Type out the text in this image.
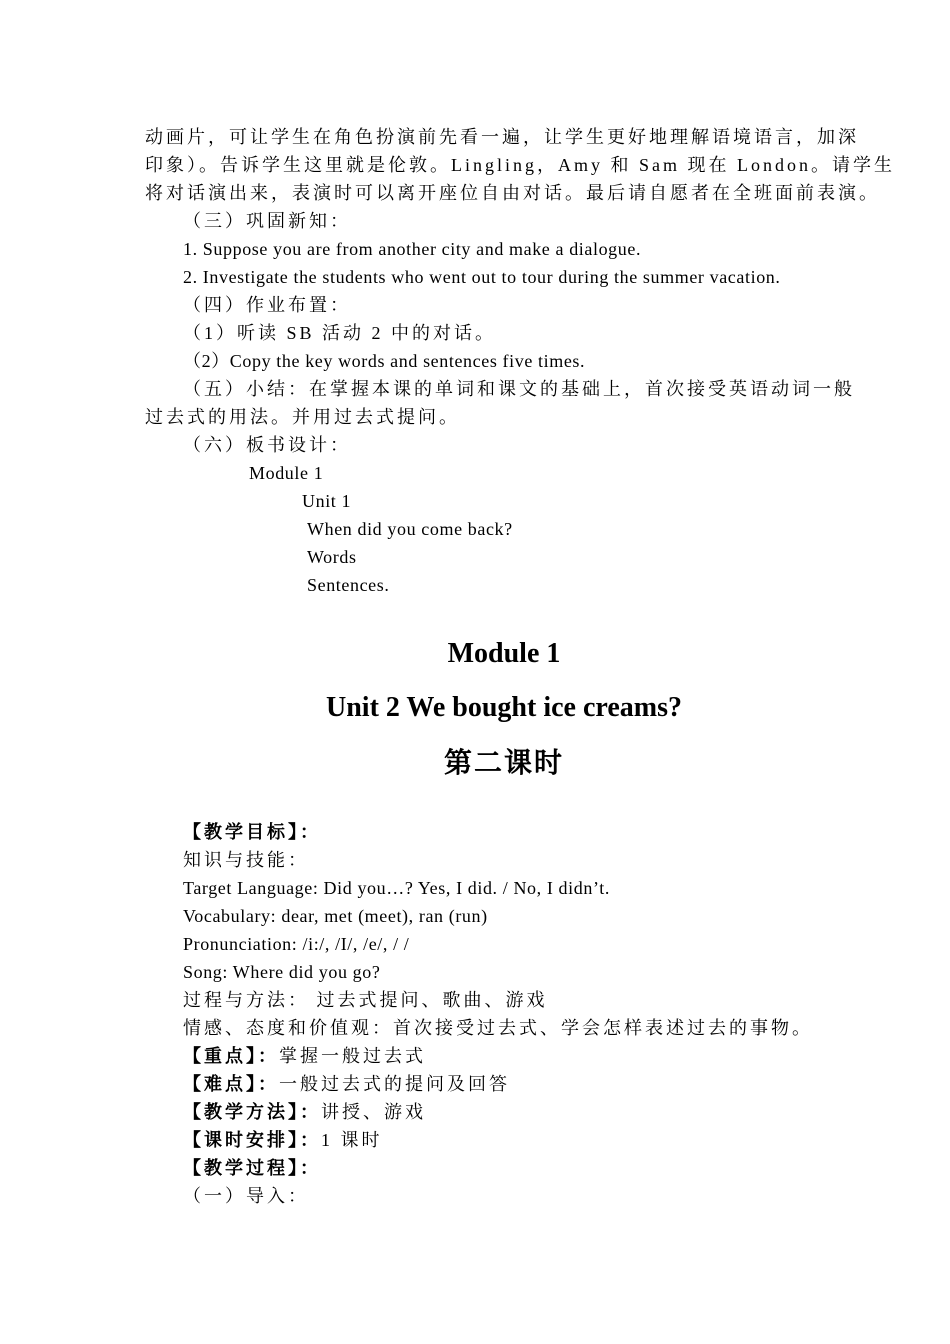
动画片，可让学生在角色扮演前先看一遍，让学生更好地理解语境语言，加深
印象）。告诉学生这里就是伦敦。Lingling，Amy 和 Sam 现在 London。请学生
将对话演出来，表演时可以离开座位自由对话。最后请自愿者在全班面前表演。
（三）巩固新知：
1. Suppose you are from another city and make a dialogue.
2. Investigate the students who went out to tour during the summer vacation.
（四）作业布置：
（1）听读 SB 活动 2 中的对话。
（2）Copy the key words and sentences five times.
（五）小结：在掌握本课的单词和课文的基础上，首次接受英语动词一般
过去式的用法。并用过去式提问。
（六）板书设计：
Module 1
Unit 1
When did you come back?
Words
Sentences.
Module 1
Unit 2 We bought ice creams?
第二课时
【教学目标】：
知识与技能：
Target Language: Did you…? Yes, I did. / No, I didn’t.
Vocabulary: dear, met (meet), ran (run)
Pronunciation: /i:/, /I/, /e/, / /
Song: Where did you go?
过程与方法： 过去式提问、歌曲、游戏
情感、态度和价值观：首次接受过去式、学会怎样表述过去的事物。
【重点】：掌握一般过去式
【难点】：一般过去式的提问及回答
【教学方法】：讲授、游戏
【课时安排】：1 课时
【教学过程】：
（一）导入：
